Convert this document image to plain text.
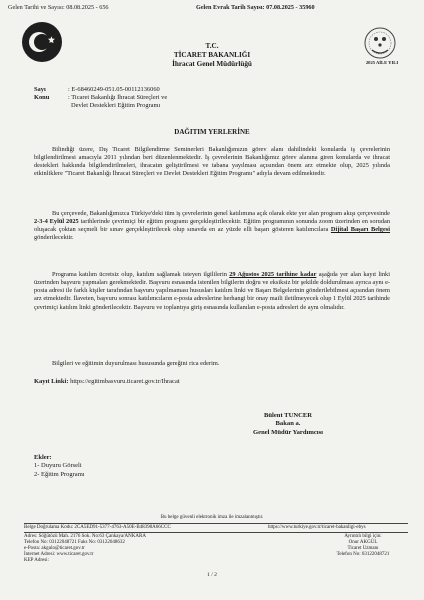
Gelen Tarihi ve Sayısı: 08.08.2025 - 656	Gelen Evrak Tarih Sayısı: 07.08.2025 - 35960
2025 AİLE YILI
T.C.
TİCARET BAKANLIĞI
İhracat Genel Müdürlüğü
Sayı	: E-68460249-051.05-00112136060
Konu	: Ticaret Bakanlığı İhracat Süreçleri ve
Devlet Destekleri Eğitim Programı
DAĞITIM YERLERİNE
Bilindiği üzere, Dış Ticaret Bilgilendirme Seminerleri Bakanlığımızın görev alanı dahilindeki konularda iş çevrelerinin bilgilendirilmesi amacıyla 2011 yılından beri düzenlenmektedir. İş çevrelerinin Bakanlığımız görev alanına giren konularda ve ihracat destekleri hakkında bilgilendirilmeleri, ihracatın geliştirilmesi ve tabana yayılması açısından önem arz etmekte olup, 2025 yılında etkinliklere "Ticaret Bakanlığı İhracat Süreçleri ve Devlet Destekleri Eğitim Programı" adıyla devam edilmektedir.
Bu çerçevede, Bakanlığımızca Türkiye'deki tüm iş çevrelerinin genel katılımına açık olarak ekte yer alan program akışı çerçevesinde 2-3-4 Eylül 2025 tarihlerinde çevrimiçi bir eğitim programı gerçekleştirilecektir. Eğitim programının sonunda zoom üzerinden en sorudan oluşacak çoktan seçmeli bir sınav gerçekleştirilecek olup sınavda en az yüzde elli başarı gösteren katılımcılara Dijital Başarı Belgesi gönderilecektir.
Programa katılım ücretsiz olup, katılım sağlamak isteyen ilgililerin 29 Ağustos 2025 tarihine kadar aşağıda yer alan kayıt linki üzerinden başvuru yapmaları gerekmektedir. Başvuru esnasında istenilen bilgilerin doğru ve eksiksiz bir şekilde doldurulması ayrıca aynı e-posta adresi ile farklı kişiler tarafından başvuru yapılmaması hususları katılım linki ve Başarı Belgelerinin gönderilebilmesi açısından önem arz etmektedir. İlaveten, başvuru sonrası katılımcıların e-posta adreslerine herhangi bir onay maili iletilmeyecek olup 1 Eylül 2025 tarihinde çevrimiçi katılım linki gönderilecektir. Başvuru ve toplantıya giriş esnasında kullanılan e-posta adresleri de aynı olmalıdır.
Bilgileri ve eğitimin duyurulması hususunda gereğini rica ederim.
Kayıt Linki: https://egitimbasvuru.ticaret.gov.tr/Ihracat
Bülent TUNCER
Bakan a.
Genel Müdür Yardımcısı
Ekler:
1- Duyuru Görseli
2- Eğitim Programı
Bu belge güvenli elektronik imza ile imzalanmıştır.
Belge Doğrulama Kodu: 2CA5ED91-5377-4763-A50E-B48398A66CCC	https://www.turkiye.gov.tr/ticaret-bakanligi-ebys
Adres: Söğütözü Mah. 2176 Sok. No:63 Çankaya/ANKARA
Telefon No: 03122048721 Faks No: 03122048632
e-Posta: akgulo@ticaret.gov.tr
İnternet Adresi: www.ticaret.gov.tr
KEP Adresi:
Ayrıntılı bilgi için:
Onur AKGÜL
Ticaret Uzmanı
Telefon No: 03122048721
1 / 2
